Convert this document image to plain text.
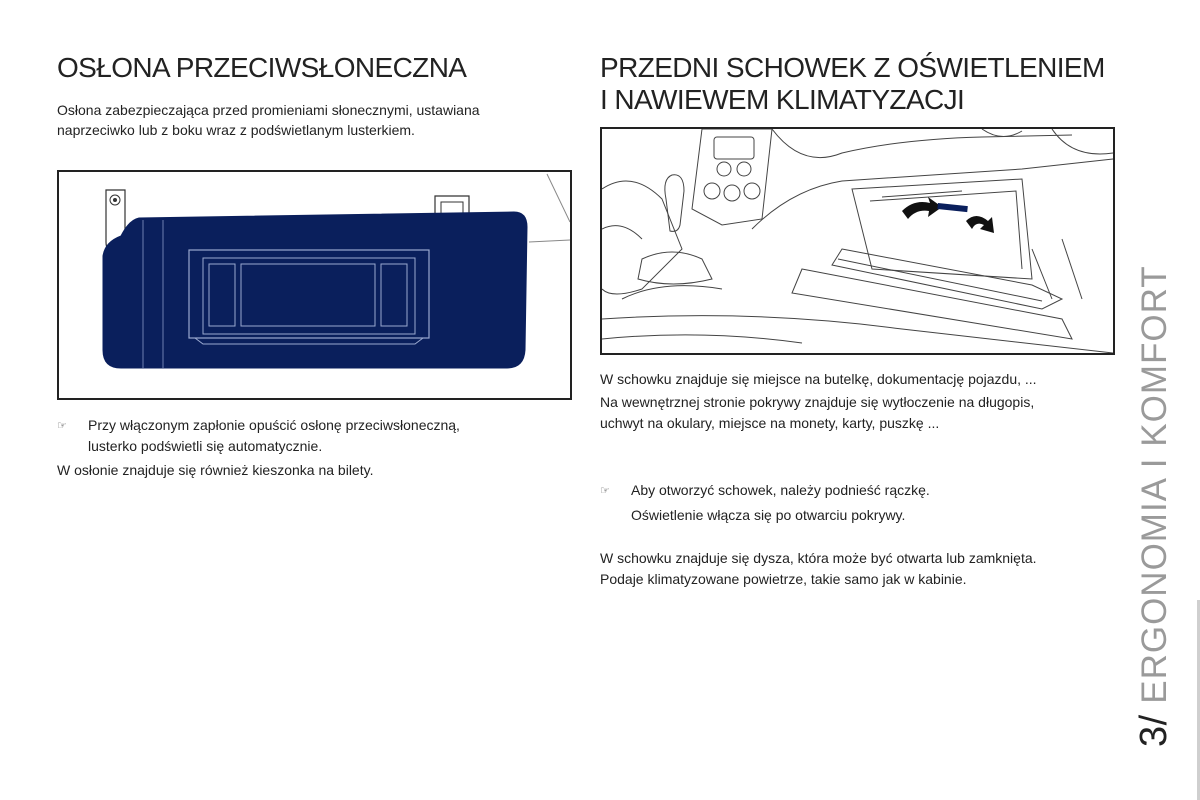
OSŁONA PRZECIWSŁONECZNA

Osłona zabezpieczająca przed promieniami słonecznymi, ustawiana
naprzeciwko lub z boku wraz z podświetlanym lusterkiem.

☞	Przy włączonym zapłonie opuścić osłonę przeciwsłoneczną,
lusterko podświetli się automatycznie.

W osłonie znajduje się również kieszonka na bilety.

PRZEDNI SCHOWEK Z OŚWIETLENIEM
I NAWIEWEM KLIMATYZACJI

W schowku znajduje się miejsce na butelkę, dokumentację pojazdu, ...

Na wewnętrznej stronie pokrywy znajduje się wytłoczenie na długopis,
uchwyt na okulary, miejsce na monety, karty, puszkę ...

☞	Aby otworzyć schowek, należy podnieść rączkę.
Oświetlenie włącza się po otwarciu pokrywy.

W schowku znajduje się dysza, która może być otwarta lub zamknięta.
Podaje klimatyzowane powietrze, takie samo jak w kabinie.

3/ ERGONOMIA I KOMFORT
